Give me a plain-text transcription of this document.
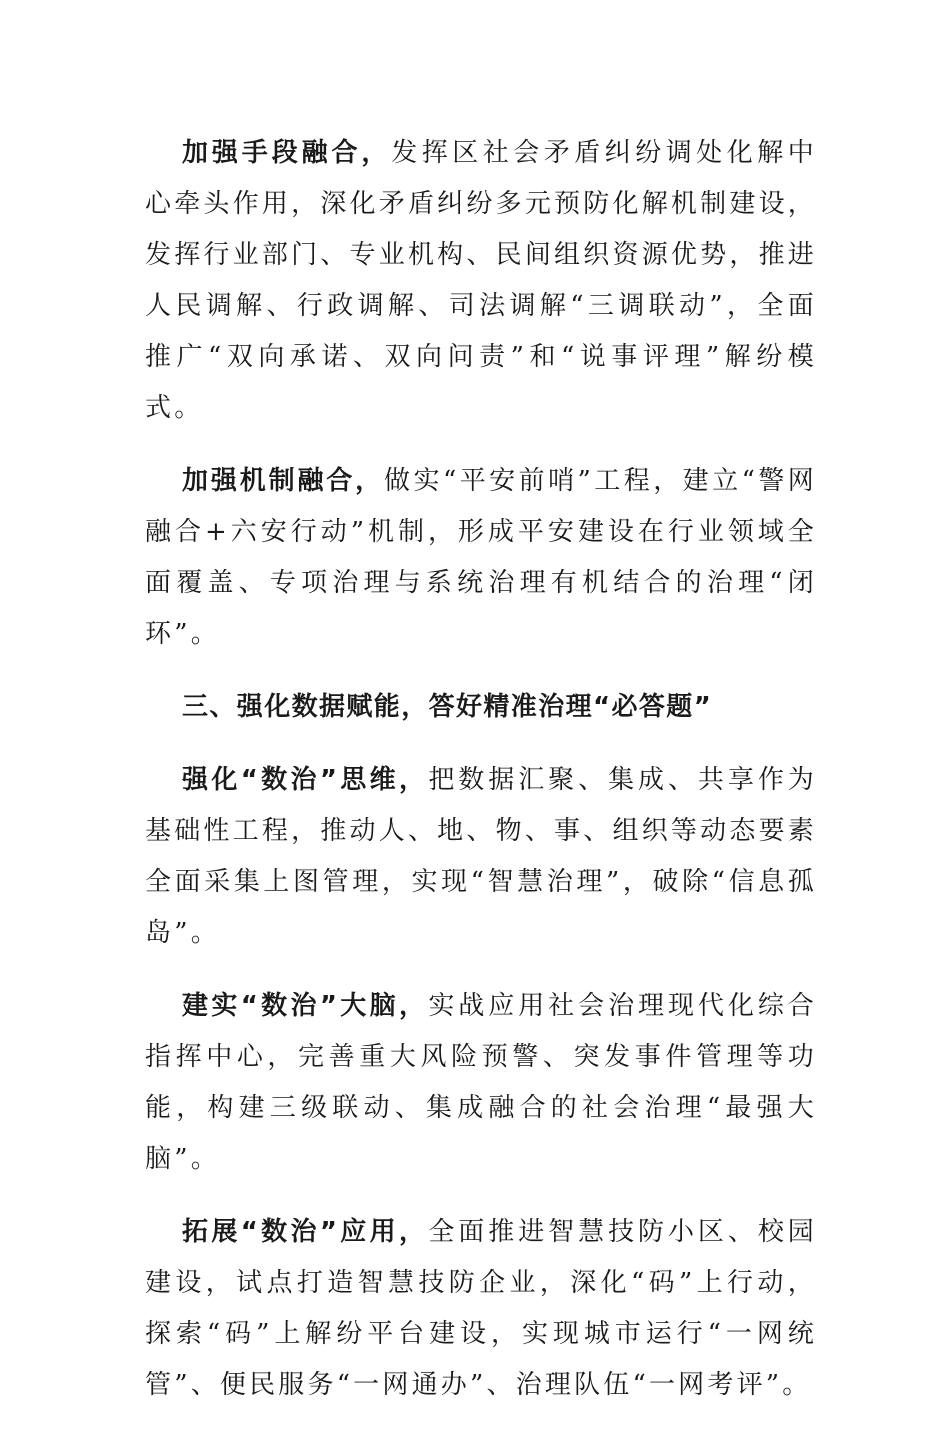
加强手段融合，发挥区社会矛盾纠纷调处化解中心牵头作用，深化矛盾纠纷多元预防化解机制建设，发挥行业部门、专业机构、民间组织资源优势，推进人民调解、行政调解、司法调解“三调联动”，全面推广“双向承诺、双向问责”和“说事评理”解纷模式。

加强机制融合，做实“平安前哨”工程，建立“警网融合+六安行动”机制，形成平安建设在行业领域全面覆盖、专项治理与系统治理有机结合的治理“闭环”。

三、强化数据赋能，答好精准治理“必答题”

强化“数治”思维，把数据汇聚、集成、共享作为基础性工程，推动人、地、物、事、组织等动态要素全面采集上图管理，实现“智慧治理”，破除“信息孤岛”。

建实“数治”大脑，实战应用社会治理现代化综合指挥中心，完善重大风险预警、突发事件管理等功能，构建三级联动、集成融合的社会治理“最强大脑”。

拓展“数治”应用，全面推进智慧技防小区、校园建设，试点打造智慧技防企业，深化“码”上行动，探索“码”上解纷平台建设，实现城市运行“一网统管”、便民服务“一网通办”、治理队伍“一网考评”。
